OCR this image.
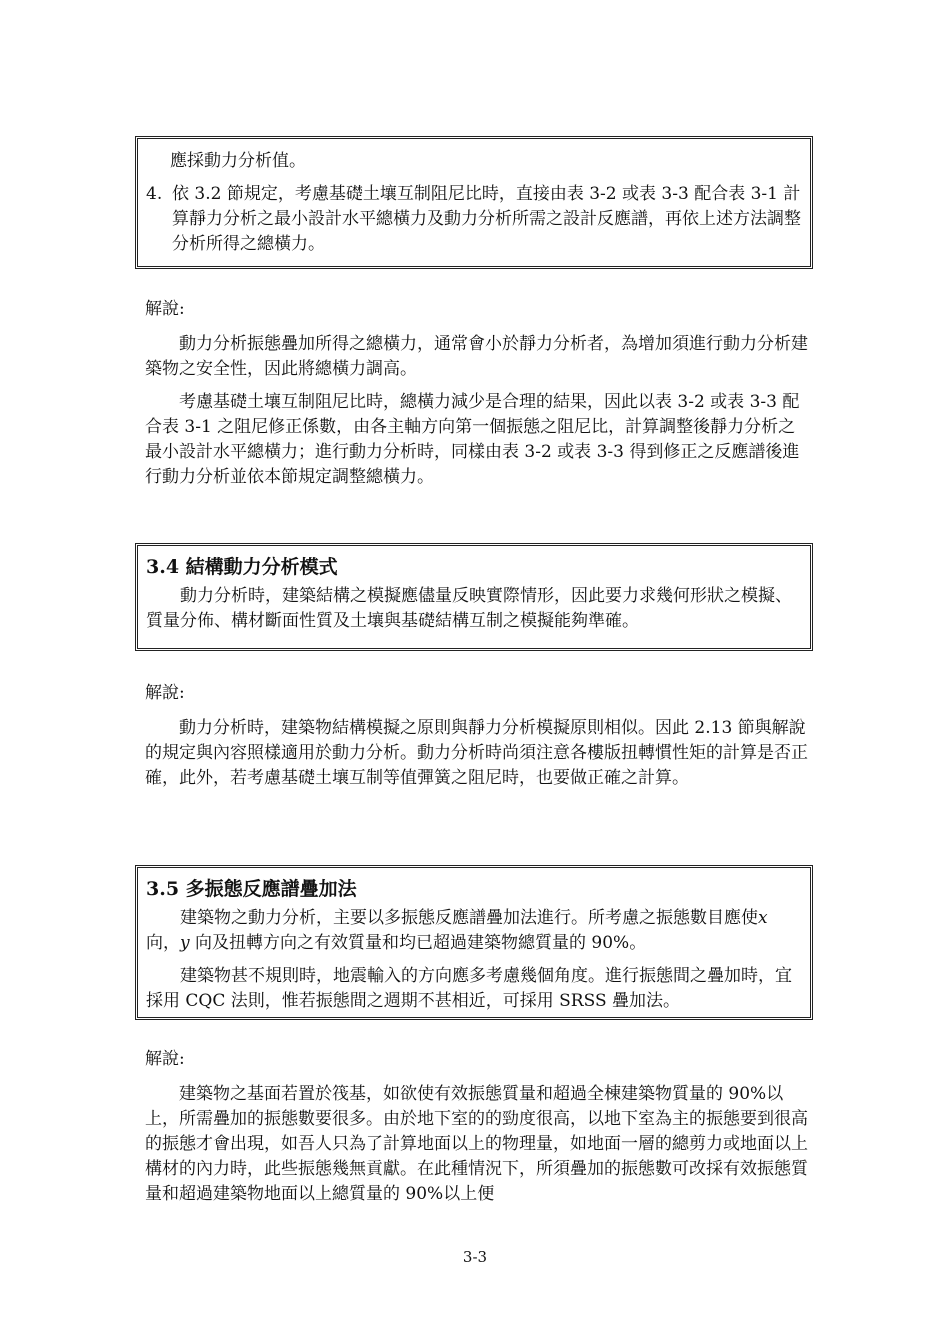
應採動力分析值。

4. 依 3.2 節規定，考慮基礎土壤互制阻尼比時，直接由表 3-2 或表 3-3 配合表 3-1 計算靜力分析之最小設計水平總橫力及動力分析所需之設計反應譜，再依上述方法調整分析所得之總橫力。
解說:

動力分析振態疊加所得之總橫力，通常會小於靜力分析者，為增加須進行動力分析建築物之安全性，因此將總橫力調高。

考慮基礎土壤互制阻尼比時，總橫力減少是合理的結果，因此以表 3-2 或表 3-3 配合表 3-1 之阻尼修正係數，由各主軸方向第一個振態之阻尼比，計算調整後靜力分析之最小設計水平總橫力；進行動力分析時，同樣由表 3-2 或表 3-3 得到修正之反應譜後進行動力分析並依本節規定調整總橫力。

3.4 結構動力分析模式

動力分析時，建築結構之模擬應儘量反映實際情形，因此要力求幾何形狀之模擬、質量分佈、構材斷面性質及土壤與基礎結構互制之模擬能夠準確。

解說:

動力分析時，建築物結構模擬之原則與靜力分析模擬原則相似。因此 2.13 節與解說的規定與內容照樣適用於動力分析。動力分析時尚須注意各樓版扭轉慣性矩的計算是否正確，此外，若考慮基礎土壤互制等值彈簧之阻尼時，也要做正確之計算。

3.5 多振態反應譜疊加法

建築物之動力分析，主要以多振態反應譜疊加法進行。所考慮之振態數目應使x 向，y 向及扭轉方向之有效質量和均已超過建築物總質量的 90%。

建築物甚不規則時，地震輸入的方向應多考慮幾個角度。進行振態間之疊加時，宜採用 CQC 法則，惟若振態間之週期不甚相近，可採用 SRSS 疊加法。

解說:

建築物之基面若置於筏基，如欲使有效振態質量和超過全棟建築物質量的 90%以上，所需疊加的振態數要很多。由於地下室的的勁度很高，以地下室為主的振態要到很高的振態才會出現，如吾人只為了計算地面以上的物理量，如地面一層的總剪力或地面以上構材的內力時，此些振態幾無貢獻。在此種情況下，所須疊加的振態數可改採有效振態質量和超過建築物地面以上總質量的 90%以上便

3-3
